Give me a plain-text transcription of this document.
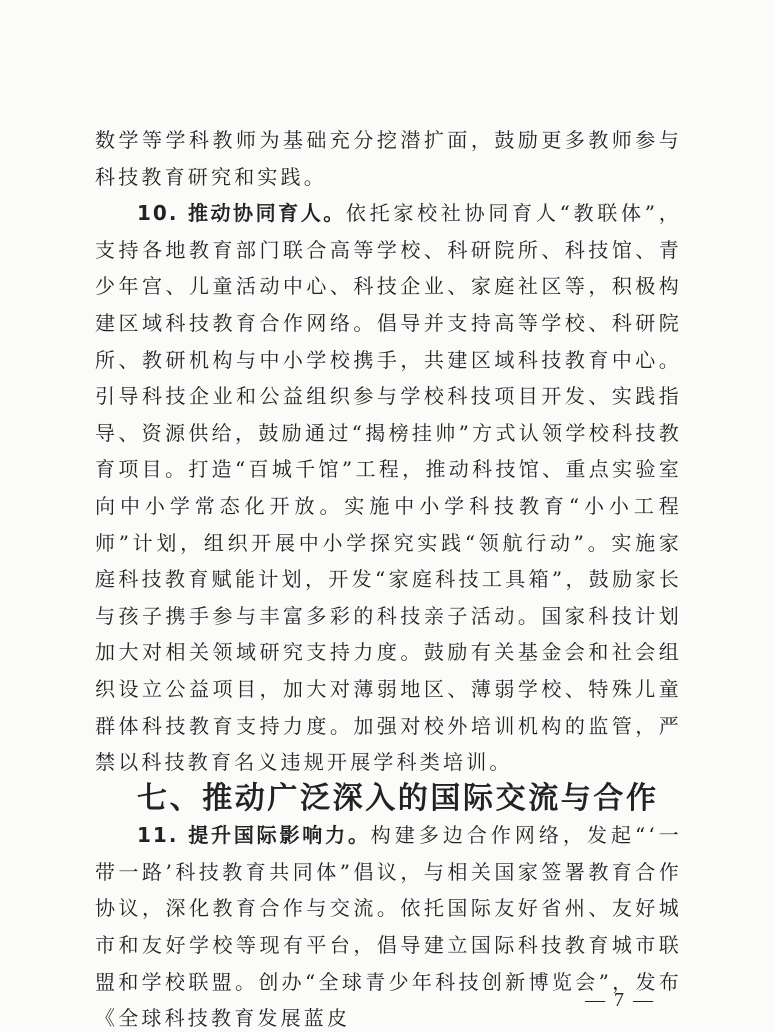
数学等学科教师为基础充分挖潜扩面，鼓励更多教师参与科技教育研究和实践。

10. 推动协同育人。依托家校社协同育人“教联体”，支持各地教育部门联合高等学校、科研院所、科技馆、青少年宫、儿童活动中心、科技企业、家庭社区等，积极构建区域科技教育合作网络。倡导并支持高等学校、科研院所、教研机构与中小学校携手，共建区域科技教育中心。引导科技企业和公益组织参与学校科技项目开发、实践指导、资源供给，鼓励通过“揭榜挂帅”方式认领学校科技教育项目。打造“百城千馆”工程，推动科技馆、重点实验室向中小学常态化开放。实施中小学科技教育“小小工程师”计划，组织开展中小学探究实践“领航行动”。实施家庭科技教育赋能计划，开发“家庭科技工具箱”，鼓励家长与孩子携手参与丰富多彩的科技亲子活动。国家科技计划加大对相关领域研究支持力度。鼓励有关基金会和社会组织设立公益项目，加大对薄弱地区、薄弱学校、特殊儿童群体科技教育支持力度。加强对校外培训机构的监管，严禁以科技教育名义违规开展学科类培训。

七、推动广泛深入的国际交流与合作

11. 提升国际影响力。构建多边合作网络，发起“‘一带一路’科技教育共同体”倡议，与相关国家签署教育合作协议，深化教育合作与交流。依托国际友好省州、友好城市和友好学校等现有平台，倡导建立国际科技教育城市联盟和学校联盟。创办“全球青少年科技创新博览会”，发布《全球科技教育发展蓝皮

— 7 —
